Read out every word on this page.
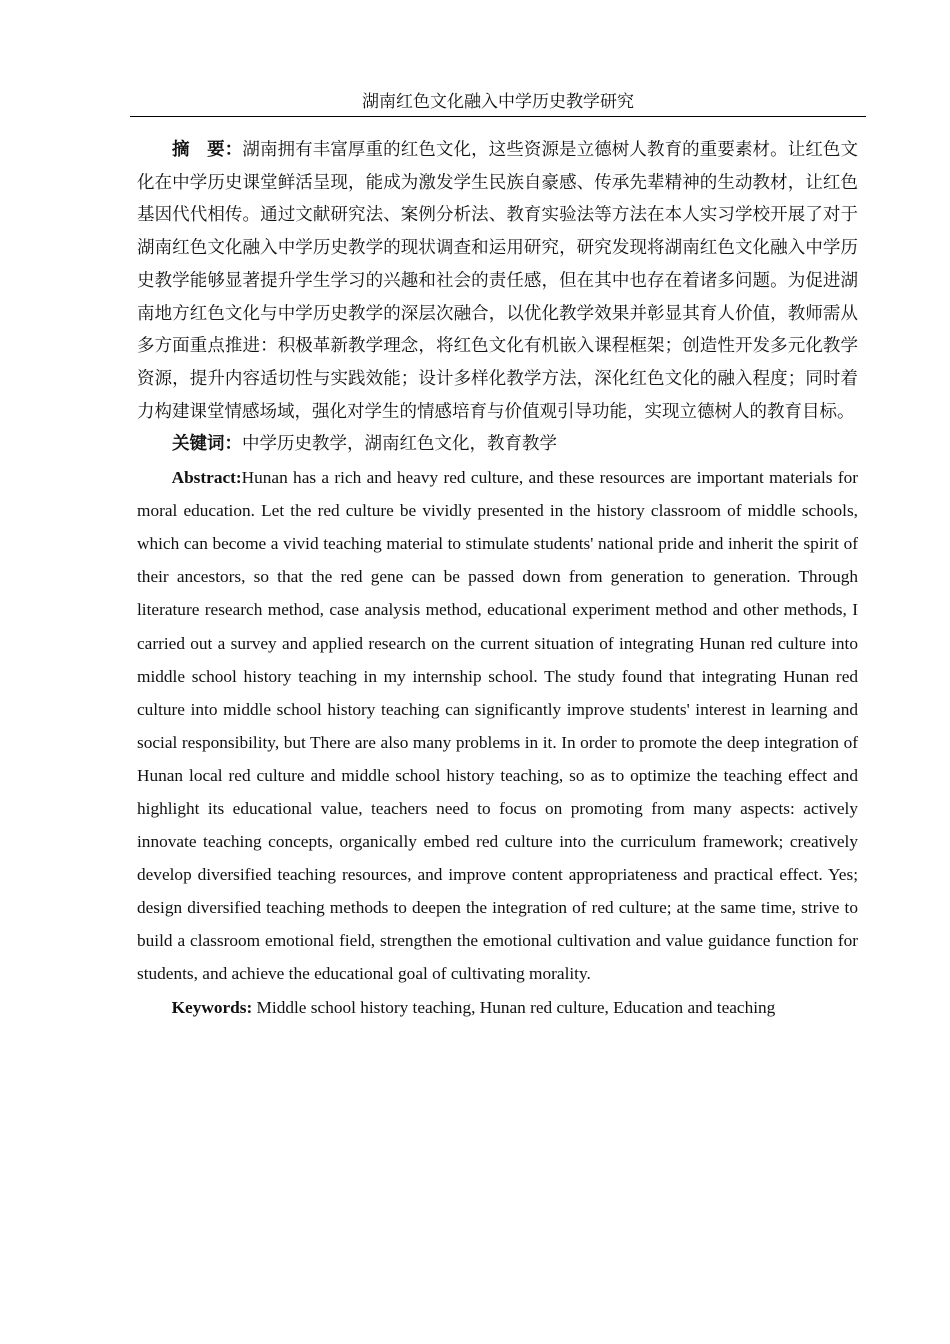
湖南红色文化融入中学历史教学研究

摘　要：湖南拥有丰富厚重的红色文化，这些资源是立德树人教育的重要素材。让红色文化在中学历史课堂鲜活呈现，能成为激发学生民族自豪感、传承先辈精神的生动教材，让红色基因代代相传。通过文献研究法、案例分析法、教育实验法等方法在本人实习学校开展了对于湖南红色文化融入中学历史教学的现状调查和运用研究，研究发现将湖南红色文化融入中学历史教学能够显著提升学生学习的兴趣和社会的责任感，但在其中也存在着诸多问题。为促进湖南地方红色文化与中学历史教学的深层次融合，以优化教学效果并彰显其育人价值，教师需从多方面重点推进：积极革新教学理念，将红色文化有机嵌入课程框架；创造性开发多元化教学资源，提升内容适切性与实践效能；设计多样化教学方法，深化红色文化的融入程度；同时着力构建课堂情感场域，强化对学生的情感培育与价值观引导功能，实现立德树人的教育目标。

关键词：中学历史教学，湖南红色文化，教育教学

Abstract:Hunan has a rich and heavy red culture, and these resources are important materials for moral education. Let the red culture be vividly presented in the history classroom of middle schools, which can become a vivid teaching material to stimulate students' national pride and inherit the spirit of their ancestors, so that the red gene can be passed down from generation to generation. Through literature research method, case analysis method, educational experiment method and other methods, I carried out a survey and applied research on the current situation of integrating Hunan red culture into middle school history teaching in my internship school. The study found that integrating Hunan red culture into middle school history teaching can significantly improve students' interest in learning and social responsibility, but There are also many problems in it. In order to promote the deep integration of Hunan local red culture and middle school history teaching, so as to optimize the teaching effect and highlight its educational value, teachers need to focus on promoting from many aspects: actively innovate teaching concepts, organically embed red culture into the curriculum framework; creatively develop diversified teaching resources, and improve content appropriateness and practical effect. Yes; design diversified teaching methods to deepen the integration of red culture; at the same time, strive to build a classroom emotional field, strengthen the emotional cultivation and value guidance function for students, and achieve the educational goal of cultivating morality.

Keywords: Middle school history teaching, Hunan red culture, Education and teaching
